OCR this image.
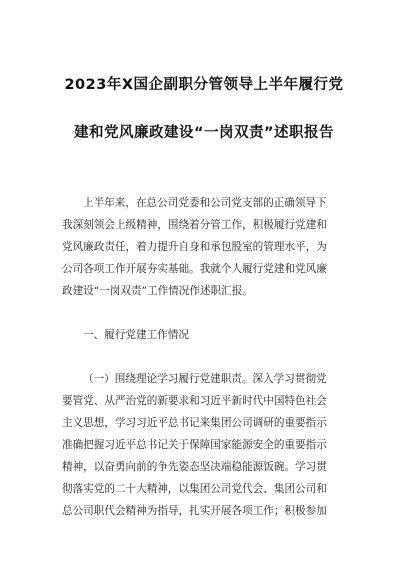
2023年X国企副职分管领导上半年履行党
建和党风廉政建设“一岗双责”述职报告
上半年来，在总公司党委和公司党支部的正确领导下
我深刻领会上级精神，围绕着分管工作，积极履行党建和
党风廉政责任，着力提升自身和承包股室的管理水平，为
公司各项工作开展夯实基础。我就个人履行党建和党风廉
政建设“一岗双责”工作情况作述职汇报。
一、履行党建工作情况
（一）围绕理论学习履行党建职责。深入学习贯彻党
要管党、从严治党的新要求和习近平新时代中国特色社会
主义思想，学习习近平总书记来集团公司调研的重要指示
准确把握习近平总书记关于保障国家能源安全的重要指示
精神，以奋勇向前的争先姿态坚决端稳能源饭碗。学习贯
彻落实党的二十大精神，以集团公司党代会、集团公司和
总公司职代会精神为指导，扎实开展各项工作；积极参加
